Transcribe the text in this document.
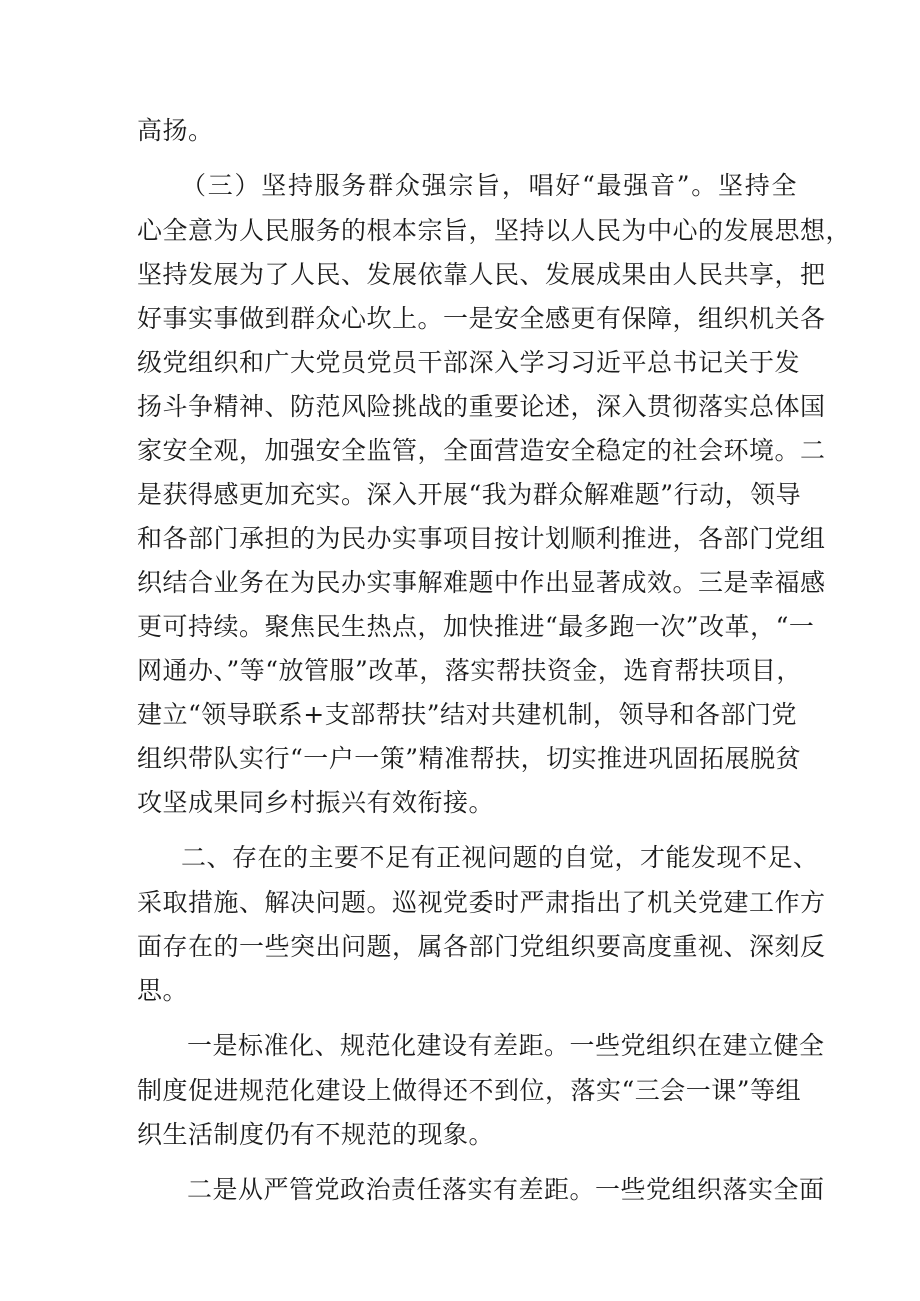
高扬。

（三）坚持服务群众强宗旨，唱好“最强音”。坚持全

心全意为人民服务的根本宗旨，坚持以人民为中心的发展思想，

坚持发展为了人民、发展依靠人民、发展成果由人民共享，把

好事实事做到群众心坎上。一是安全感更有保障，组织机关各

级党组织和广大党员党员干部深入学习习近平总书记关于发

扬斗争精神、防范风险挑战的重要论述，深入贯彻落实总体国

家安全观，加强安全监管，全面营造安全稳定的社会环境。二

是获得感更加充实。深入开展“我为群众解难题”行动，领导

和各部门承担的为民办实事项目按计划顺利推进，各部门党组

织结合业务在为民办实事解难题中作出显著成效。三是幸福感

更可持续。聚焦民生热点，加快推进“最多跑一次”改革，“一

网通办、”等“放管服”改革，落实帮扶资金，选育帮扶项目，

建立“领导联系+支部帮扶”结对共建机制，领导和各部门党

组织带队实行“一户一策”精准帮扶，切实推进巩固拓展脱贫

攻坚成果同乡村振兴有效衔接。

二、存在的主要不足有正视问题的自觉，才能发现不足、

采取措施、解决问题。巡视党委时严肃指出了机关党建工作方

面存在的一些突出问题，属各部门党组织要高度重视、深刻反

思。

一是标准化、规范化建设有差距。一些党组织在建立健全

制度促进规范化建设上做得还不到位，落实“三会一课”等组

织生活制度仍有不规范的现象。

二是从严管党政治责任落实有差距。一些党组织落实全面
